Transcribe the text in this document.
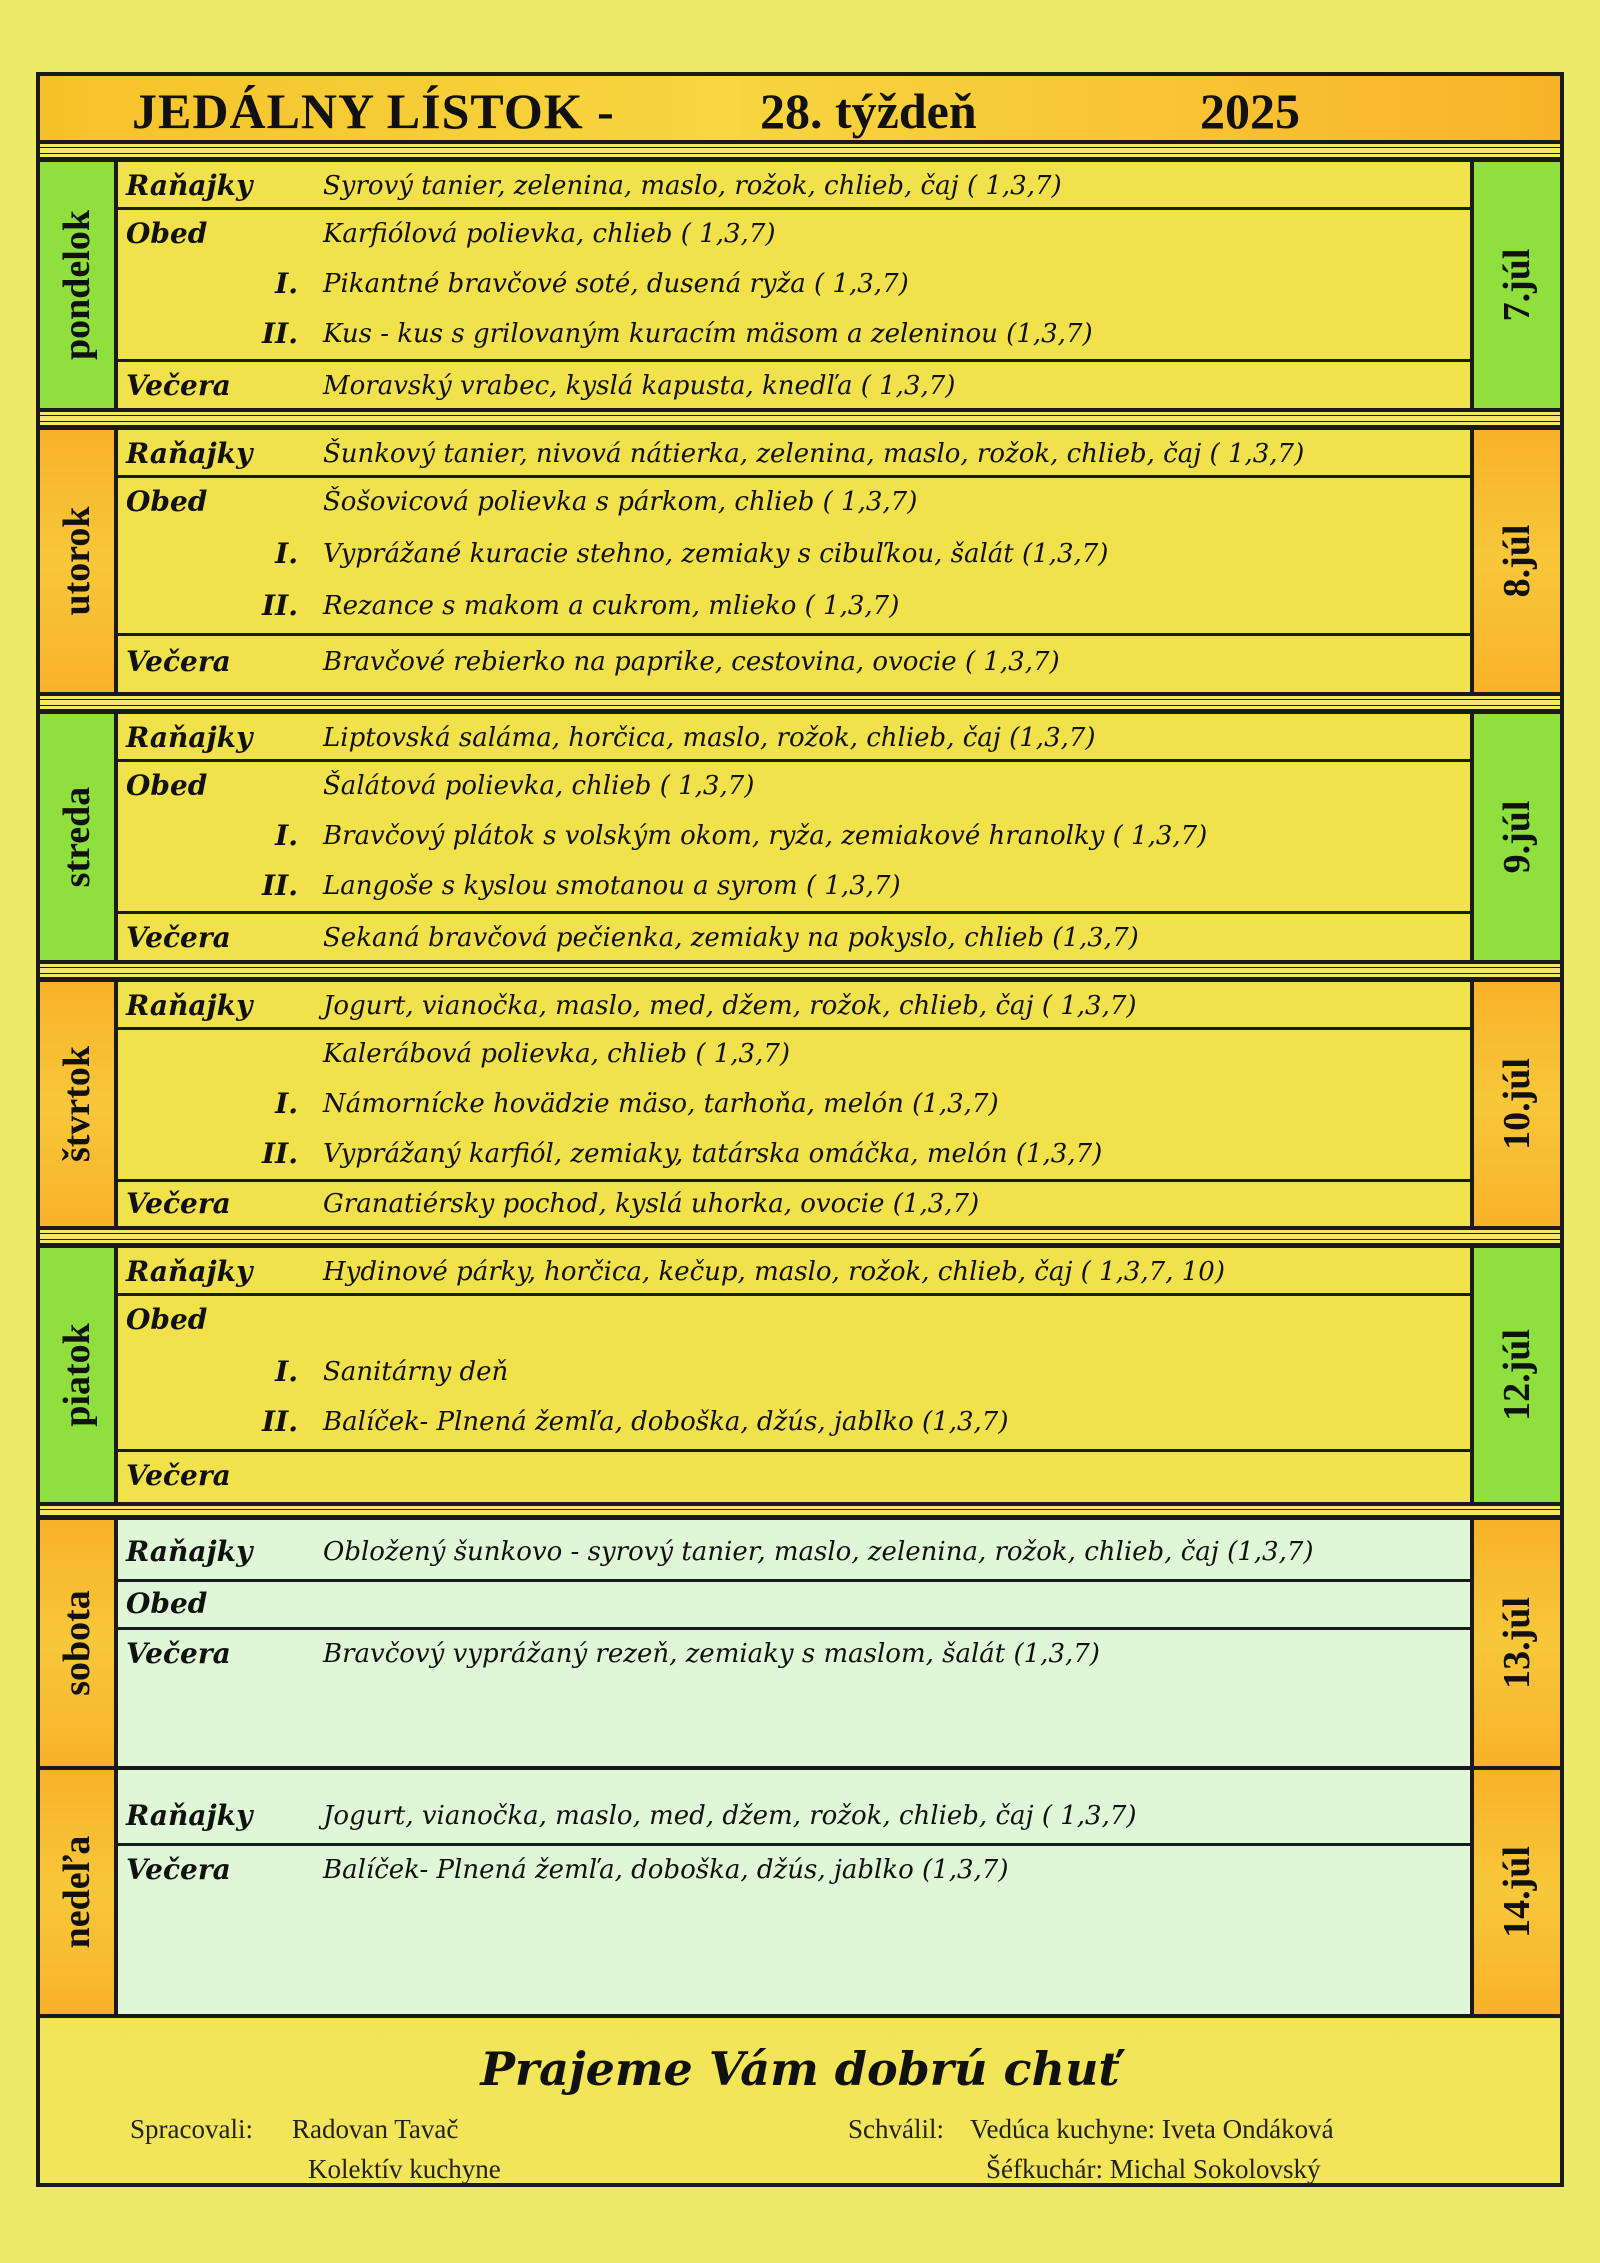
JEDÁLNY LÍSTOK -	28. týždeň	2025
pondelok
Raňajky	Syrový tanier, zelenina, maslo, rožok, chlieb, čaj ( 1,3,7)
Obed	Karfiólová polievka, chlieb ( 1,3,7)
I. Pikantné bravčové soté, dusená ryža ( 1,3,7)
II. Kus - kus s grilovaným kuracím mäsom a zeleninou (1,3,7)
Večera	Moravský vrabec, kyslá kapusta, knedľa ( 1,3,7)
7.júl
utorok
Raňajky	Šunkový tanier, nivová nátierka, zelenina, maslo, rožok, chlieb, čaj ( 1,3,7)
Obed	Šošovicová polievka s párkom, chlieb ( 1,3,7)
I. Vyprážané kuracie stehno, zemiaky s cibuľkou, šalát (1,3,7)
II. Rezance s makom a cukrom, mlieko ( 1,3,7)
Večera	Bravčové rebierko na paprike, cestovina, ovocie ( 1,3,7)
8.júl
streda
Raňajky	Liptovská saláma, horčica, maslo, rožok, chlieb, čaj (1,3,7)
Obed	Šalátová polievka, chlieb ( 1,3,7)
I. Bravčový plátok s volským okom, ryža, zemiakové hranolky ( 1,3,7)
II. Langoše s kyslou smotanou a syrom ( 1,3,7)
Večera	Sekaná bravčová pečienka, zemiaky na pokyslo, chlieb (1,3,7)
9.júl
štvrtok
Raňajky	Jogurt, vianočka, maslo, med, džem, rožok, chlieb, čaj ( 1,3,7)
Kalerábová polievka, chlieb ( 1,3,7)
I. Námornícke hovädzie mäso, tarhoňa, melón (1,3,7)
II. Vyprážaný karfiól, zemiaky, tatárska omáčka, melón (1,3,7)
Večera	Granatiérsky pochod, kyslá uhorka, ovocie (1,3,7)
10.júl
piatok
Raňajky	Hydinové párky, horčica, kečup, maslo, rožok, chlieb, čaj ( 1,3,7, 10)
Obed
I. Sanitárny deň
II. Balíček- Plnená žemľa, doboška, džús, jablko (1,3,7)
Večera
12.júl
sobota
Raňajky	Obložený šunkovo - syrový tanier, maslo, zelenina, rožok, chlieb, čaj (1,3,7)
Obed
Večera	Bravčový vyprážaný rezeň, zemiaky s maslom, šalát (1,3,7)	13.júl
nedeľa
Raňajky	Jogurt, vianočka, maslo, med, džem, rožok, chlieb, čaj ( 1,3,7)
Večera	Balíček- Plnená žemľa, doboška, džús, jablko (1,3,7)	14.júl
Prajeme Vám dobrú chuť
Spracovali: Radovan Tavač
Kolektív kuchyne
Schválil: Vedúca kuchyne: Iveta Ondáková
Šéfkuchár: Michal Sokolovský
